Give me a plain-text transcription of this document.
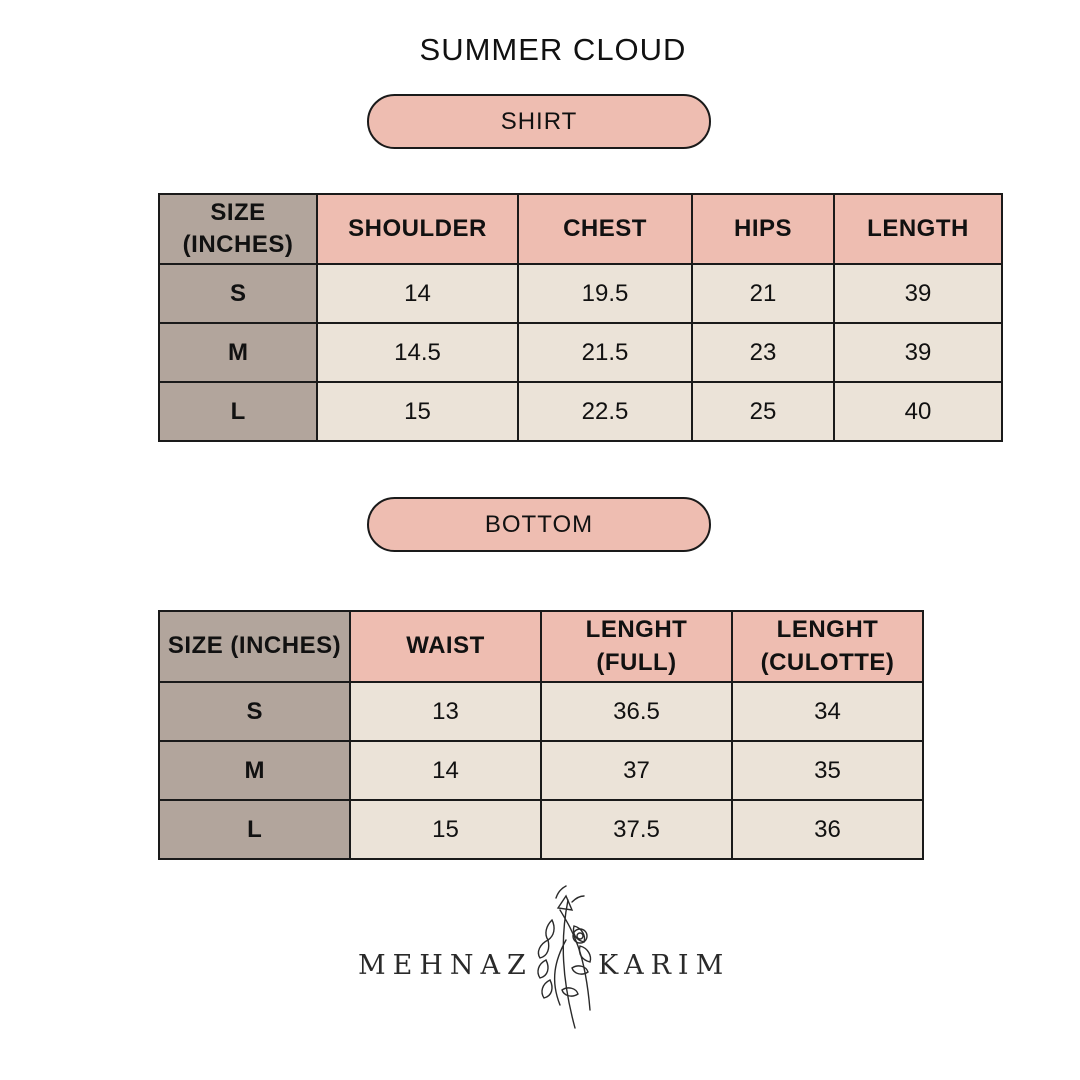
SUMMER CLOUD
SHIRT
SIZE (INCHES)	SHOULDER	CHEST	HIPS	LENGTH
S	14	19.5	21	39
M	14.5	21.5	23	39
L	15	22.5	25	40
BOTTOM
SIZE (INCHES)	WAIST	LENGHT (FULL)	LENGHT (CULOTTE)
S	13	36.5	34
M	14	37	35
L	15	37.5	36
MEHNAZ KARIM
